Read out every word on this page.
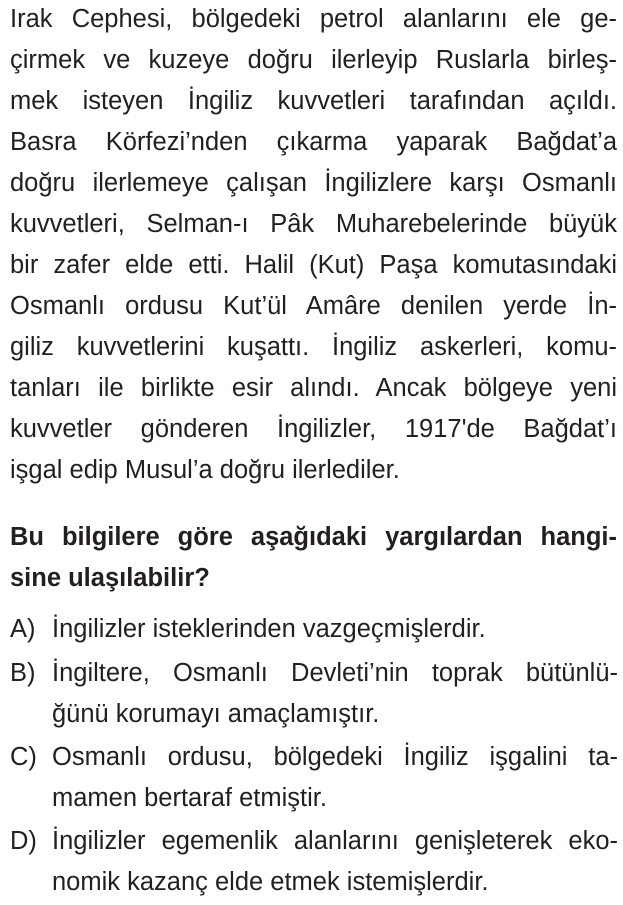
Irak Cephesi, bölgedeki petrol alanlarını ele ge-
çirmek ve kuzeye doğru ilerleyip Ruslarla birleş-
mek isteyen İngiliz kuvvetleri tarafından açıldı.
Basra Körfezi’nden çıkarma yaparak Bağdat’a
doğru ilerlemeye çalışan İngilizlere karşı Osmanlı
kuvvetleri, Selman-ı Pâk Muharebelerinde büyük
bir zafer elde etti. Halil (Kut) Paşa komutasındaki
Osmanlı ordusu Kut’ül Amâre denilen yerde İn-
giliz kuvvetlerini kuşattı. İngiliz askerleri, komu-
tanları ile birlikte esir alındı. Ancak bölgeye yeni
kuvvetler gönderen İngilizler, 1917'de Bağdat’ı
işgal edip Musul’a doğru ilerlediler.
Bu bilgilere göre aşağıdaki yargılardan hangi-
sine ulaşılabilir?
A) İngilizler isteklerinden vazgeçmişlerdir.
B) İngiltere, Osmanlı Devleti’nin toprak bütünlü-
ğünü korumayı amaçlamıştır.
C) Osmanlı ordusu, bölgedeki İngiliz işgalini ta-
mamen bertaraf etmiştir.
D) İngilizler egemenlik alanlarını genişleterek eko-
nomik kazanç elde etmek istemişlerdir.
